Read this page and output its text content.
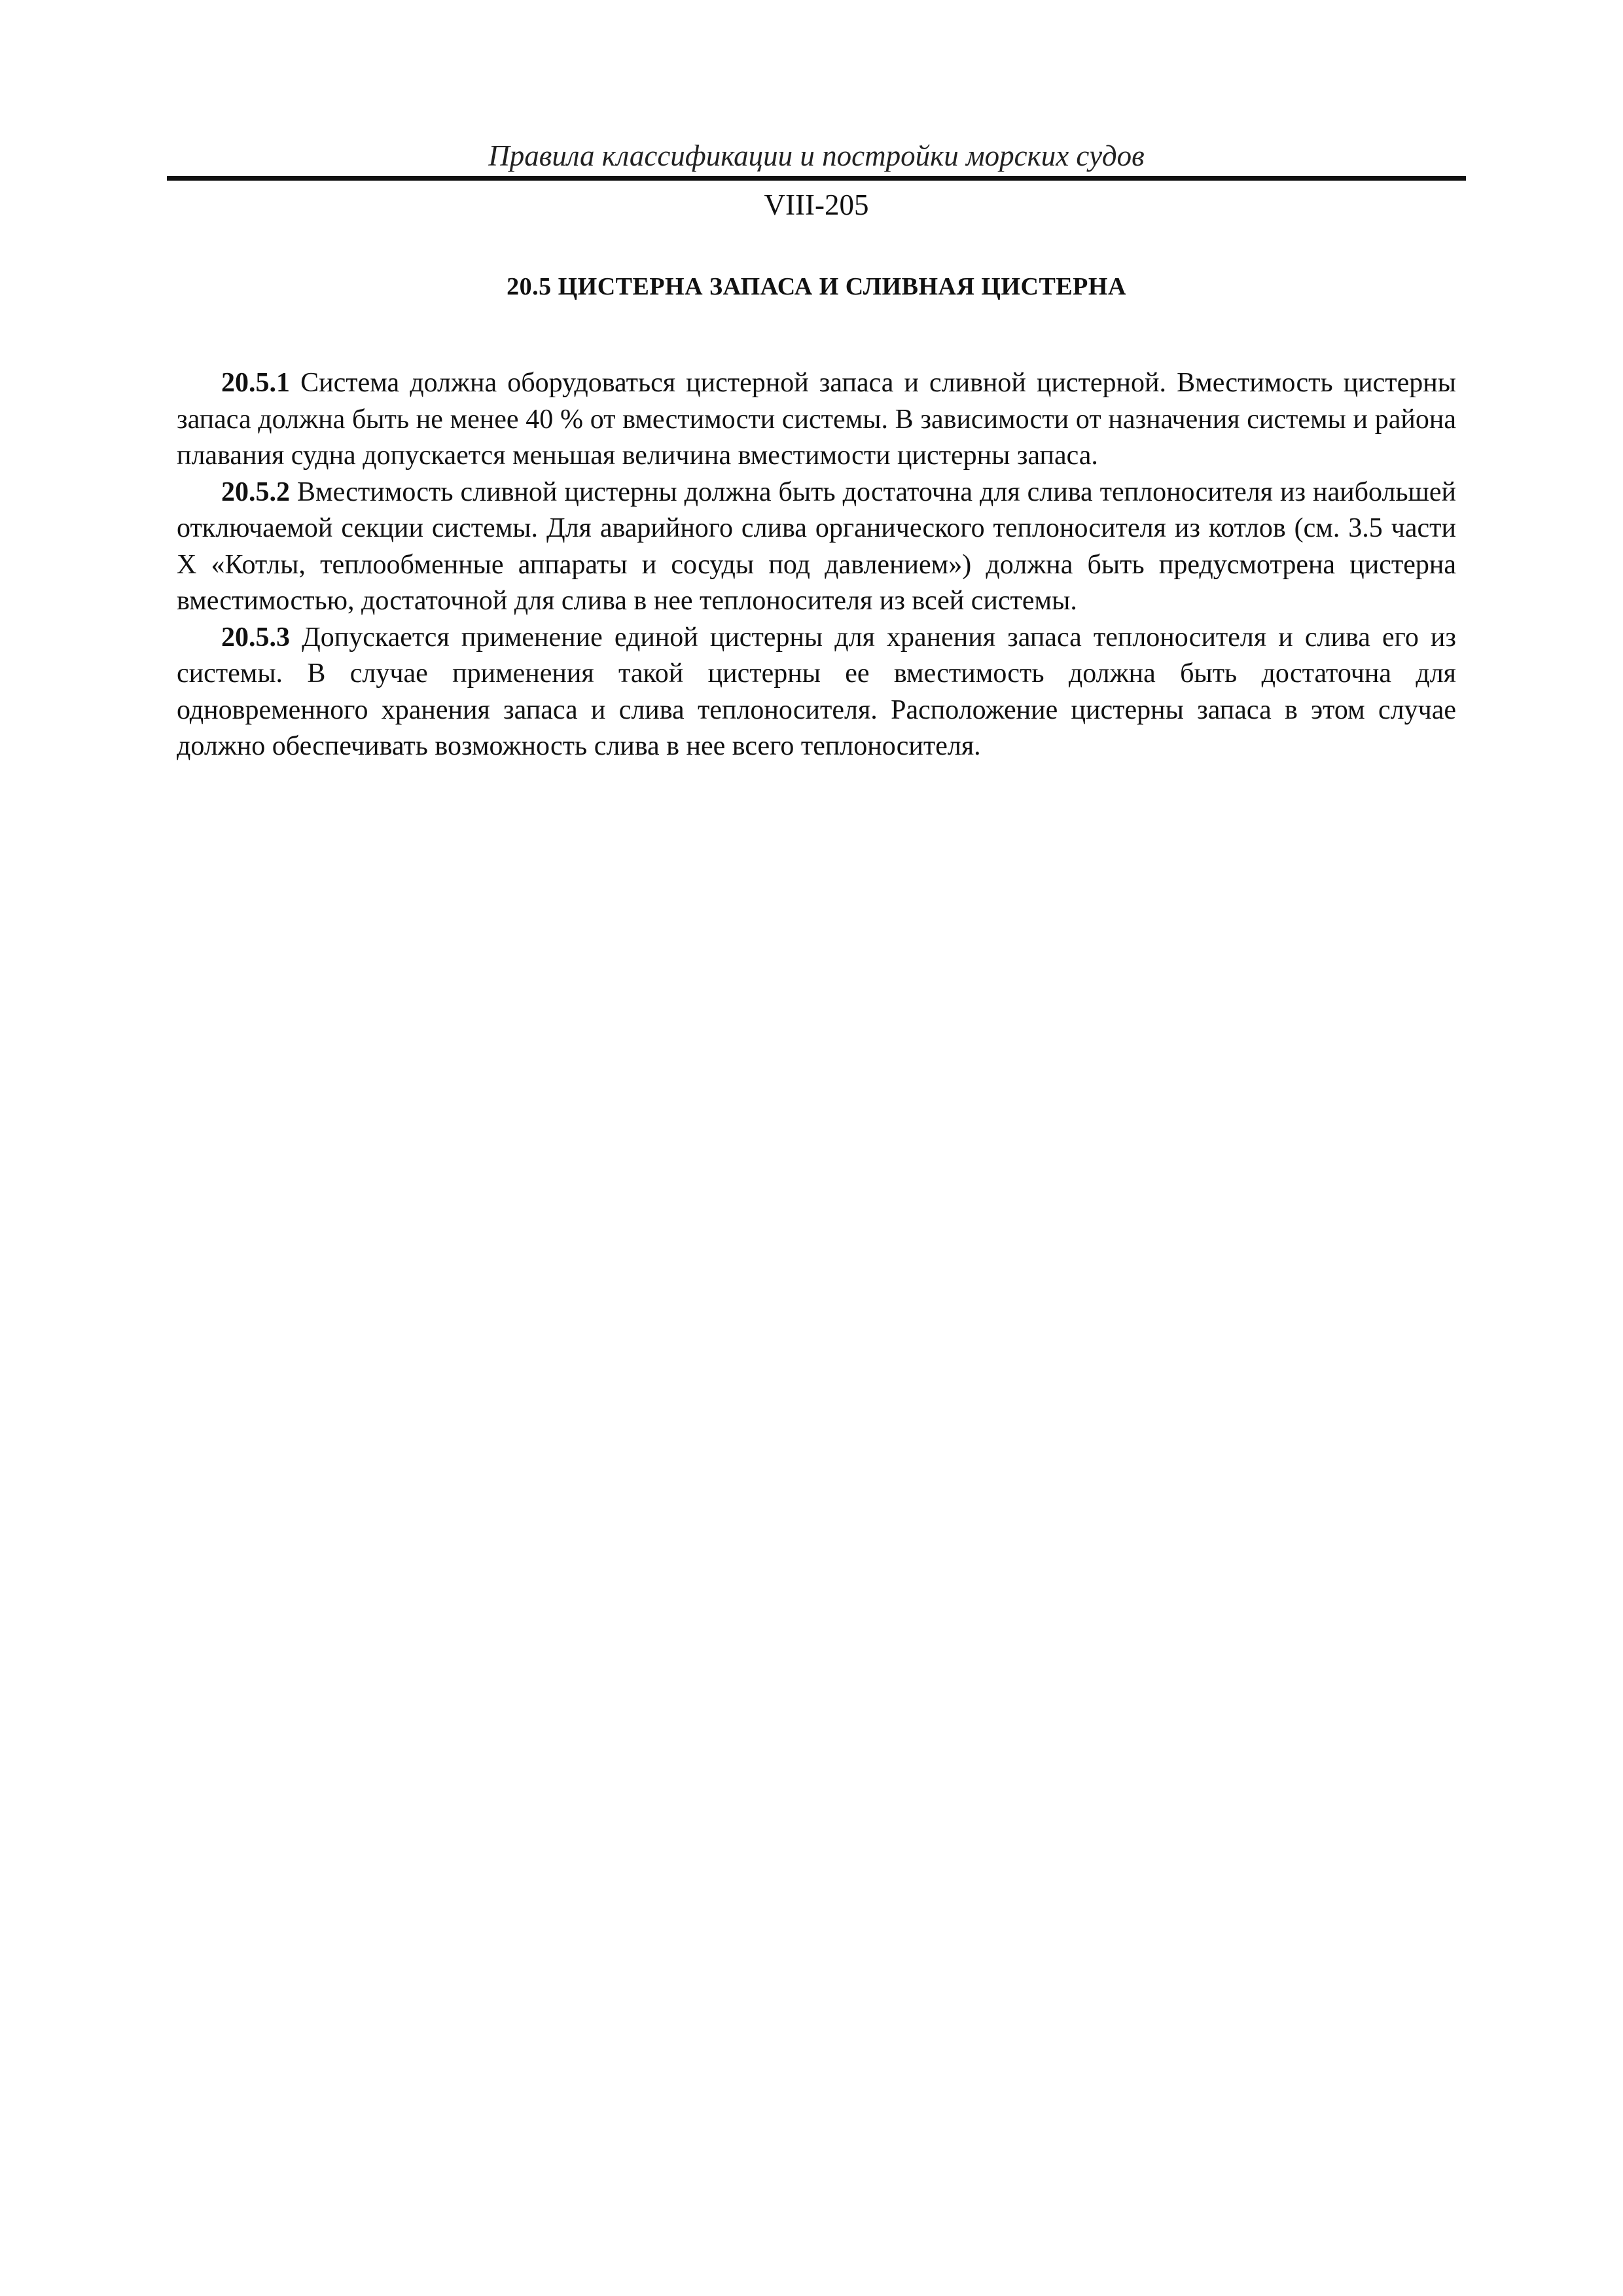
Правила классификации и постройки морских судов
VIII-205
20.5 ЦИСТЕРНА ЗАПАСА И СЛИВНАЯ ЦИСТЕРНА

20.5.1 Система должна оборудоваться цистерной запаса и сливной цистерной. Вместимость цистерны запаса должна быть не менее 40 % от вместимости системы. В зависимости от назначения системы и района плавания судна допускается меньшая величина вместимости цистерны запаса.

20.5.2 Вместимость сливной цистерны должна быть достаточна для слива теплоносителя из наибольшей отключаемой секции системы. Для аварийного слива органического теплоносителя из котлов (см. 3.5 части X «Котлы, теплообменные аппараты и сосуды под давлением») должна быть предусмотрена цистерна вместимостью, достаточной для слива в нее теплоносителя из всей системы.

20.5.3 Допускается применение единой цистерны для хранения запаса теплоносителя и слива его из системы. В случае применения такой цистерны ее вместимость должна быть достаточна для одновременного хранения запаса и слива теплоносителя. Расположение цистерны запаса в этом случае должно обеспечивать возможность слива в нее всего теплоносителя.
